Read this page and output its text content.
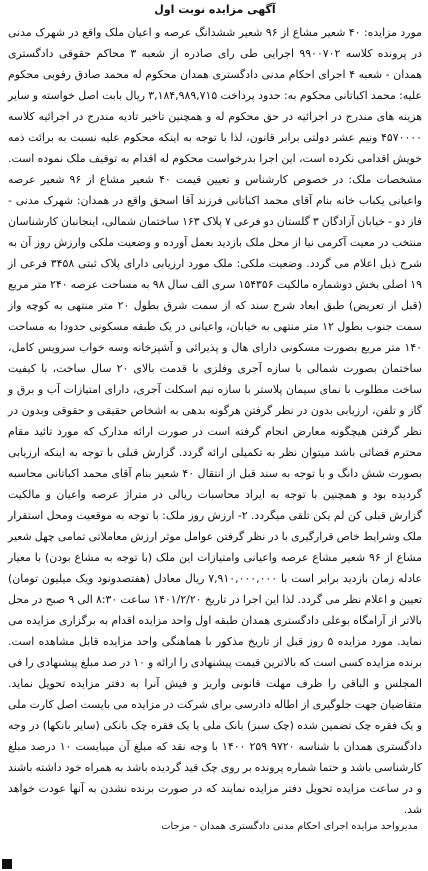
آگهی مزایده نوبت اول
مورد مزایده: ۴۰ شعیر مشاع از ۹۶ شعیر ششدانگ عرصه و اعیان ملک واقع در شهرک مدنی در پرونده کلاسه ۹۹۰۰۷۰۲ اجرایی طی رای صادره از شعبه ۳ محاکم حقوقی دادگستری همدان - شعبه ۴ اجرای احکام مدنی دادگستری همدان محکوم له محمد صادق رفوبی محکوم علیه: محمد اکباتانی محکوم به: حدود پرداخت ۳,۱۸۴,۹۸۹,۷۱۵ ریال بابت اصل خواسته و سایر هزینه های مندرج در اجرائیه در حق محکوم له و همچنین تاخیر تادیه مندرج در اجرائیه کلاسه ۴۵۷۰۰۰۰ ونیم عشر دولتی برابر قانون، لذا با توجه به اینکه محکوم علیه نسبت به برائت ذمه خویش اقدامی نکرده است، این اجرا بدرخواست محکوم له اقدام به توقیف ملک نموده است. مشخصات ملک: در خصوص کارشناس و تعیین قیمت ۴۰ شعیر مشاع از ۹۶ شعیر عرصه واعیانی یکباب خانه بنام آقای محمد اکباتانی فرزند آقا اسحق واقع در همدان: شهرک مدنی - فاز دو - خیابان آزادگان ۳ گلستان دو فرعی ۷ پلاک ۱۶۳ ساختمان شمالی، اینجانبان کارشناسان منتخب در معیت آکرمی نیا از محل ملک بازدید بعمل آورده و وضعیت ملکی وارزش روز آن به شرح ذیل اعلام می گردد. وضعیت ملکی: ملک مورد ارزیابی دارای پلاک ثبتی ۳۴۵۸ فرعی از ۱۹ اصلی بخش دوشماره مالکیت ۱۵۴۳۵۶ سری الف سال ۹۸ به مساحت عرصه ۲۴۰ متر مربع (قبل از تعریض) طبق ابعاد شرح سند که از سمت شرق بطول ۲۰ متر منتهی به کوچه واز سمت جنوب بطول ۱۲ متر منتهی به خیابان، واعیانی در یک طبقه مسکونی حدودا به مساحت ۱۴۰ متر مربع بصورت مسکونی دارای هال و پذیرائی و آشپزخانه وسه خواب سرویس کامل، ساختمان بصورت شمالی با سازه آجری وفلزی با قدمت بالای ۲۰ سال ساخت، با کیفیت ساخت مطلوب با نمای سیمان پلاستر با سازه نیم اسکلت آجری، دارای امتیازات آب و برق و گاز و تلفن، ارزیابی بدون در نظر گرفتن هرگونه بدهی به اشخاص حقیقی و حقوقی وبدون در نظر گرفتن هیچگونه معارض انجام گرفته است در صورت ارائه مدارک که مورد تائید مقام محترم قضائی باشد میتوان نظر به تکمیلی ارائه گردد. گزارش قبلی با توجه به اینکه ارزیابی بصورت شش دانگ و با توجه به سند قبل از انتقال ۴۰ شعیر بنام آقای محمد اکباتانی محاسبه گردیده بود و همچنین با توجه به ایراد محاسبات ریالی در متراژ عرصه واعیان و مالکیت گزارش قبلی کن لم یکن تلقی میگردد. ۲- ارزش روز ملک: با توجه به موقعیت ومحل استقرار ملک وشرایط خاص قرارگیری با در نظر گرفتن عوامل موثر ارزش معاملاتی تمامی چهل شعیر مشاع از ۹۶ شعیر مشاع عرصه واعیانی وامتیازات این ملک (با توجه به مشاع بودن) با معیار عادله زمان بازدید برابر است با ۷,۹۱۰,۰۰۰,۰۰۰ ریال معادل (هفتصدونود ویک میلیون تومان) تعیین و اعلام نظر می گردد. لذا این اجرا در تاریخ ۱۴۰۱/۲/۲۰ ساعت ۸:۳۰ الی ۹ صبح در محل بالاتر از آرامگاه بوعلی دادگستری همدان طبقه اول واحد مزایده اقدام به برگزاری مزایده می نماید. مورد مزایده ۵ روز قبل از تاریخ مذکور با هماهنگی واحد مزایده قابل مشاهده است. برنده مزایده کسی است که بالاترین قیمت پیشنهادی را ارائه و ۱۰ در صد مبلغ پیشنهادی را فی المجلس و الباقی را ظرف مهلت قانونی واریز و فیش آنرا به دفتر مزایده تحویل نماید. متقاضیان جهت جلوگیری از اطاله دادرسی برای شرکت در مزایده می بایست اصل کارت ملی و یک فقره چک تضمین شده (چک سبز) بانک ملی یا یک فقره چک بانکی (سایر بانکها) در وجه دادگستری همدان با شناسه ۹۷۲۰ ۲۵۹ ۱۴۰۰ با وجه نقد که مبلغ آن میبایست ۱۰ درصد مبلغ کارشناسی باشد و حتما شماره پرونده بر روی چک قید گردیده باشد به همراه خود داشته باشند و در ساعت مزایده تحویل دفتر مزایده نمایند که در صورت برنده نشدن به آنها عودت خواهد شد.
مدیرواحد مزایده اجرای احکام مدنی دادگستری همدان - مزجات
